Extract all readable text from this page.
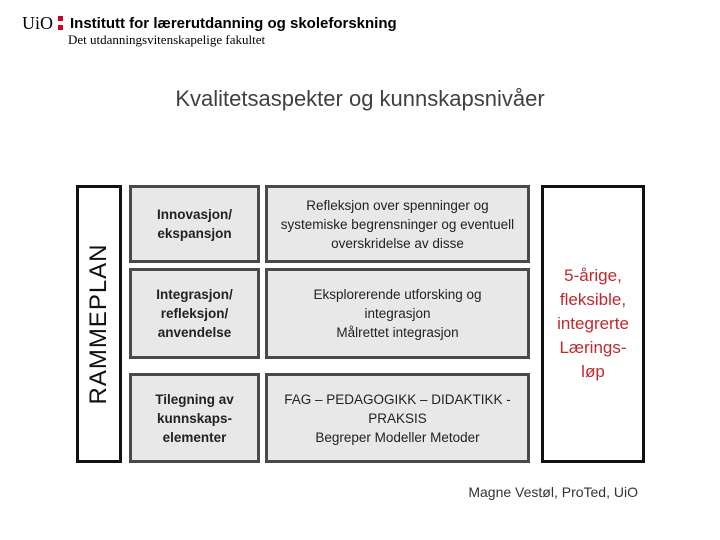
UiO Institutt for lærerutdanning og skoleforskning
Det utdanningsvitenskapelige fakultet
Kvalitetsaspekter og kunnskapsnivåer
RAMMEPLAN
Innovasjon/
ekspansjon
Refleksjon over spenninger og
systemiske begrensninger og eventuell
overskridelse av disse
Integrasjon/
refleksjon/
anvendelse
Eksplorerende utforsking og
integrasjon
Målrettet integrasjon
Tilegning av
kunnskaps-
elementer
FAG – PEDAGOGIKK – DIDAKTIKK -
PRAKSIS
Begreper Modeller Metoder
5-årige,
fleksible,
integrerte
Lærings-
løp
Magne Vestøl, ProTed, UiO
